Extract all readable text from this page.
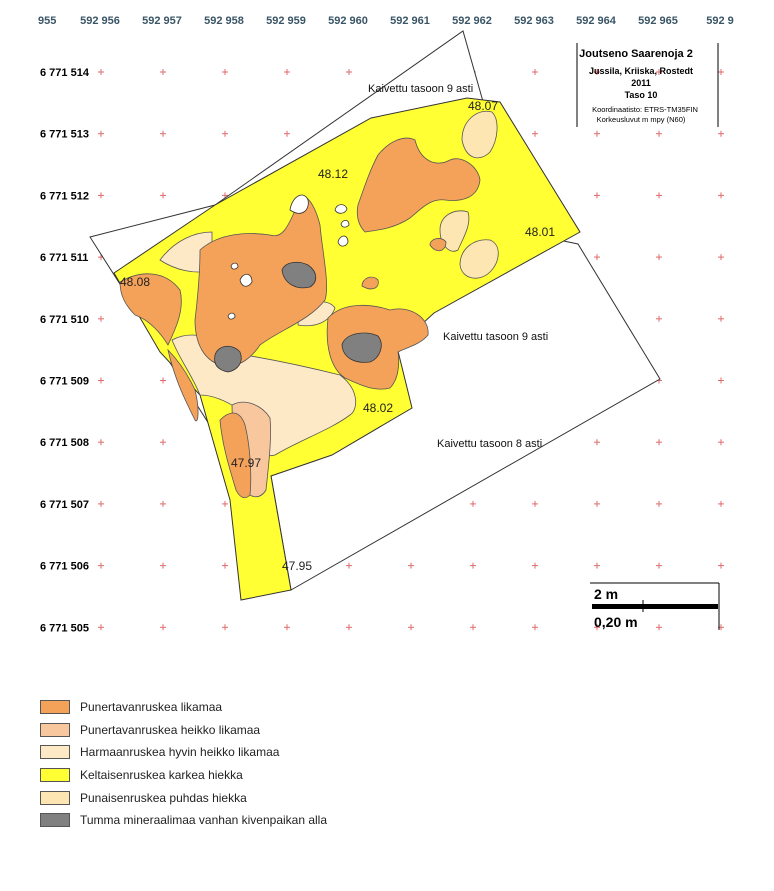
955 592 956 592 957 592 958 592 959 592 960 592 961 592 962 592 963 592 964 592 965	592 9
6 771 514
6 771 513
6 771 512
6 771 511
6 771 510
6 771 509
6 771 508
6 771 507
6 771 506
6 771 505
48.07
48.12
48.01
48.08
48.02
47.97
47.95
Kaivettu tasoon 9 asti
Kaivettu tasoon 9 asti
Kaivettu tasoon 8 asti
Joutseno Saarenoja 2
Jussila, Kriiska, Rostedt
2011
Taso 10
Koordinaatisto: ETRS-TM35FIN
Korkeusluvut m mpy (N60)
2 m
0,20 m
Punertavanruskea likamaa
Punertavanruskea heikko likamaa
Harmaanruskea hyvin heikko likamaa
Keltaisenruskea karkea hiekka
Punaisenruskea puhdas hiekka
Tumma mineraalimaa vanhan kivenpaikan alla
